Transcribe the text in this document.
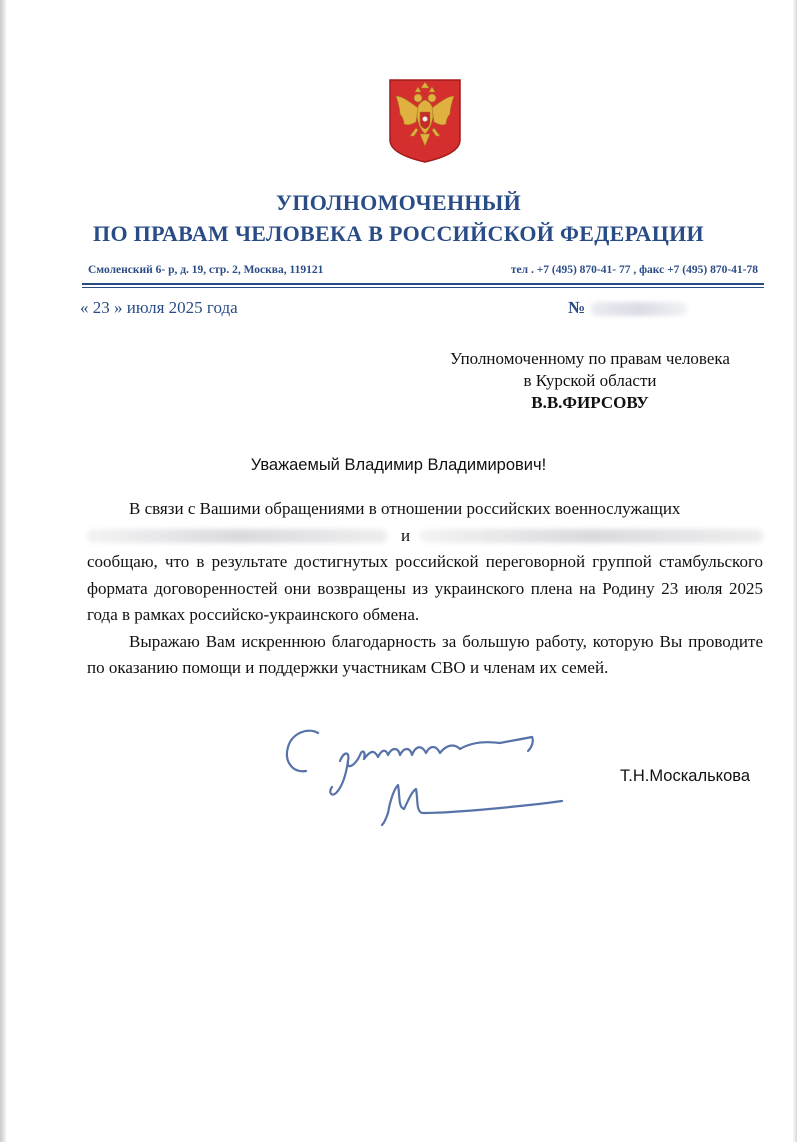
УПОЛНОМОЧЕННЫЙ
ПО ПРАВАМ ЧЕЛОВЕКА В РОССИЙСКОЙ ФЕДЕРАЦИИ
Смоленский 6- р, д. 19, стр. 2, Москва, 119121	тел . +7 (495) 870-41- 77 , факс +7 (495) 870-41-78
« 23 » июля 2025 года	№
Уполномоченному по правам человека
в Курской области
В.В.ФИРСОВУ
Уважаемый Владимир Владимирович!

В связи с Вашими обращениями в отношении российских военнослужащих

и
сообщаю, что в результате достигнутых российской переговорной группой стамбульского формата договоренностей они возвращены из украинского плена на Родину 23 июля 2025 года в рамках российско-украинского обмена.

Выражаю Вам искреннюю благодарность за большую работу, которую Вы проводите по оказанию помощи и поддержки участникам СВО и членам их семей.

Т.Н.Москалькова
